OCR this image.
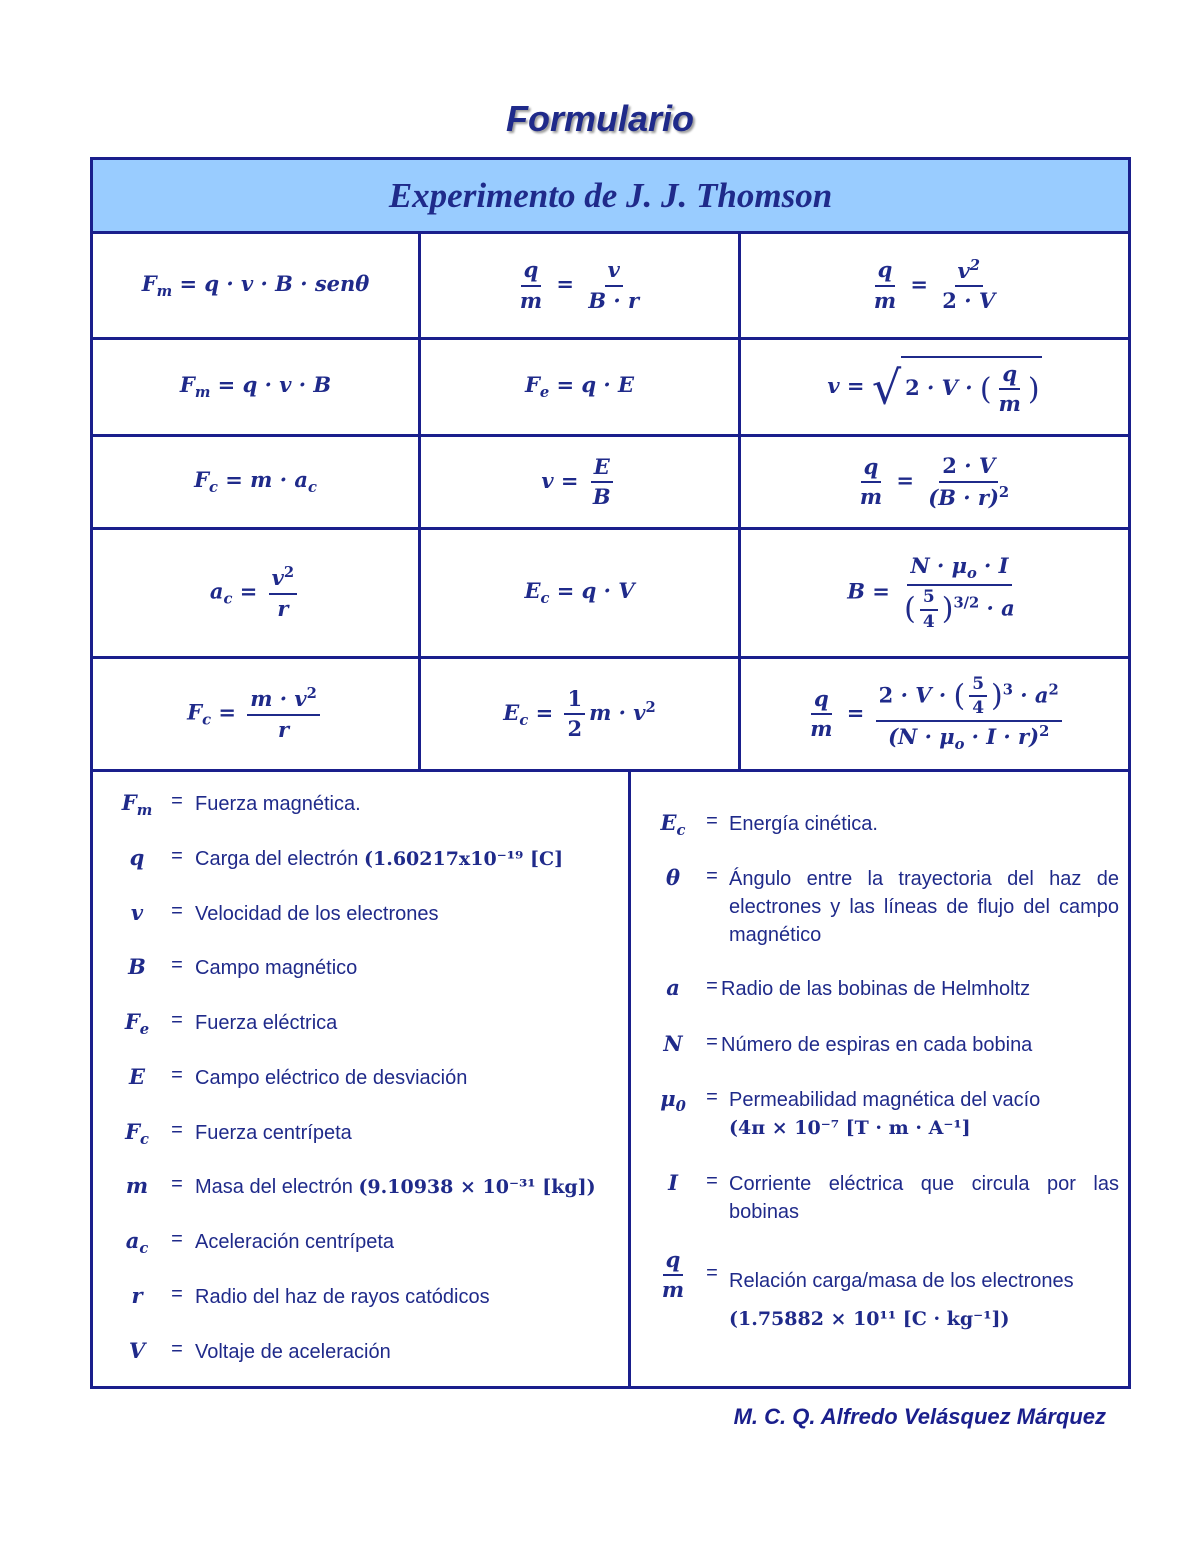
Formulario
Experimento de J. J. Thomson
$F_m = q \cdot v \cdot B \cdot sen\theta$	$\frac{q}{m} = \frac{v}{B \cdot r}$	$\frac{q}{m} = \frac{v^2}{2 \cdot V}$
$F_m = q \cdot v \cdot B$	$F_e = q \cdot E$	v = √ 2 · V · ( $\frac{q}{m}$ )
$F_c = m \cdot a_c$	$v = \frac{E}{B}$	$\frac{q}{m} = \frac{2 \cdot V}{(B \cdot r)^2}$
$a_c = \frac{v^2}{r}$	$E_c = q \cdot V$	$B = \frac{N \cdot \mu_o \cdot I}{( \frac{5}{4} )^{3/2} \cdot a}$
$F_c = \frac{m \cdot v^2}{r}$	$E_c = \frac{1}{2}$ $m \cdot v^2$	$\frac{q}{m} = \frac{2 \cdot V \cdot ( \frac{5}{4} )^3 \cdot a^2}{(N \cdot \mu_o \cdot I \cdot r)^2}$
$F_m$ = Fuerza magnética.
q	= Carga del electrón (1.60217x10⁻¹⁹ [C]
v	= Velocidad de los electrones
B	= Campo magnético
$F_e$	= Fuerza eléctrica
E	= Campo eléctrico de desviación
$F_c$	= Fuerza centrípeta
m	= Masa del electrón (9.10938 × 10⁻³¹ [kg])
$a_c$	= Aceleración centrípeta
r	= Radio del haz de rayos catódicos
V	= Voltaje de aceleración
$E_c$	= Energía cinética.
θ	= Ángulo entre la trayectoria del haz de electrones y las líneas de flujo del campo magnético
a	= Radio de las bobinas de Helmholtz
N	= Número de espiras en cada bobina
$\mu_0$	= Permeabilidad magnética del vacío
(4π × 10⁻⁷ [T · m · A⁻¹]
I	= Corriente eléctrica que circula por las bobinas
$\frac{q}{m}$ = Relación carga/masa de los electrones
(1.75882 × 10¹¹ [C · kg⁻¹])
M. C. Q. Alfredo Velásquez Márquez
